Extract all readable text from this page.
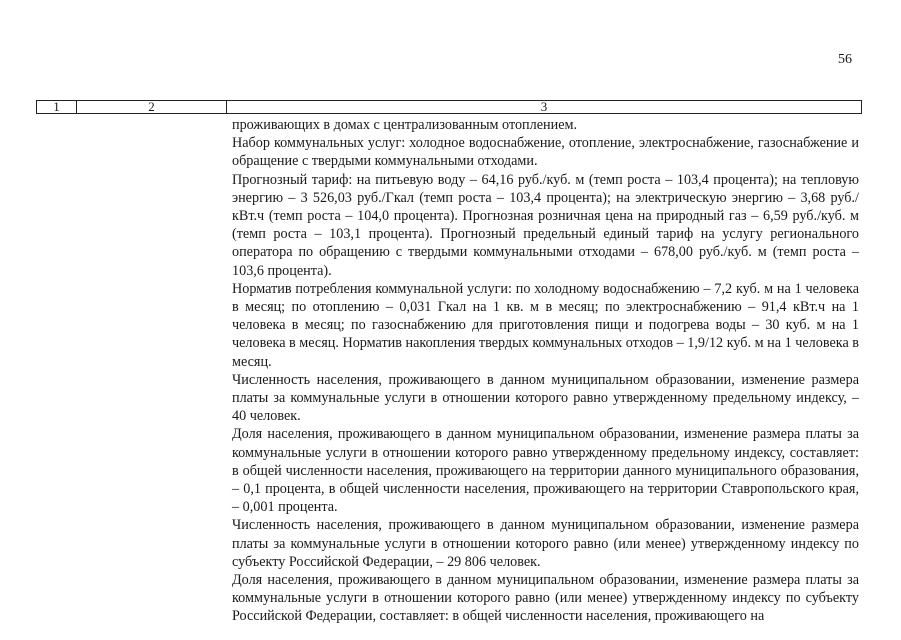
56
1	2	3

проживающих в домах с централизованным отоплением.

Набор коммунальных услуг: холодное водоснабжение, отопление, электроснабжение, газоснабжение и обращение с твердыми коммунальными отходами.

Прогнозный тариф: на питьевую воду – 64,16 руб./куб. м (темп роста – 103,4 процента); на тепловую энергию – 3 526,03 руб./Гкал (темп роста – 103,4 процента); на электрическую энергию – 3,68 руб./кВт.ч (темп роста – 104,0 процента). Прогнозная розничная цена на природный газ – 6,59 руб./куб. м (темп роста – 103,1 процента). Прогнозный предельный единый тариф на услугу регионального оператора по обращению с твердыми коммунальными отходами – 678,00 руб./куб. м (темп роста – 103,6 процента).

Норматив потребления коммунальной услуги: по холодному водоснабжению – 7,2 куб. м на 1 человека в месяц; по отоплению – 0,031 Гкал на 1 кв. м в месяц; по электроснабжению – 91,4 кВт.ч на 1 человека в месяц; по газоснабжению для приготовления пищи и подогрева воды – 30 куб. м на 1 человека в месяц. Норматив накопления твердых коммунальных отходов – 1,9/12 куб. м на 1 человека в месяц.

Численность населения, проживающего в данном муниципальном образовании, изменение размера платы за коммунальные услуги в отношении которого равно утвержденному предельному индексу, – 40 человек.

Доля населения, проживающего в данном муниципальном образовании, изменение размера платы за коммунальные услуги в отношении которого равно утвержденному предельному индексу, составляет: в общей численности населения, проживающего на территории данного муниципального образования, – 0,1 процента, в общей численности населения, проживающего на территории Ставропольского края, – 0,001 процента.

Численность населения, проживающего в данном муниципальном образовании, изменение размера платы за коммунальные услуги в отношении которого равно (или менее) утвержденному индексу по субъекту Российской Федерации, – 29 806 человек.

Доля населения, проживающего в данном муниципальном образовании, изменение размера платы за коммунальные услуги в отношении которого равно (или менее) утвержденному индексу по субъекту Российской Федерации, составляет: в общей численности населения, проживающего на
